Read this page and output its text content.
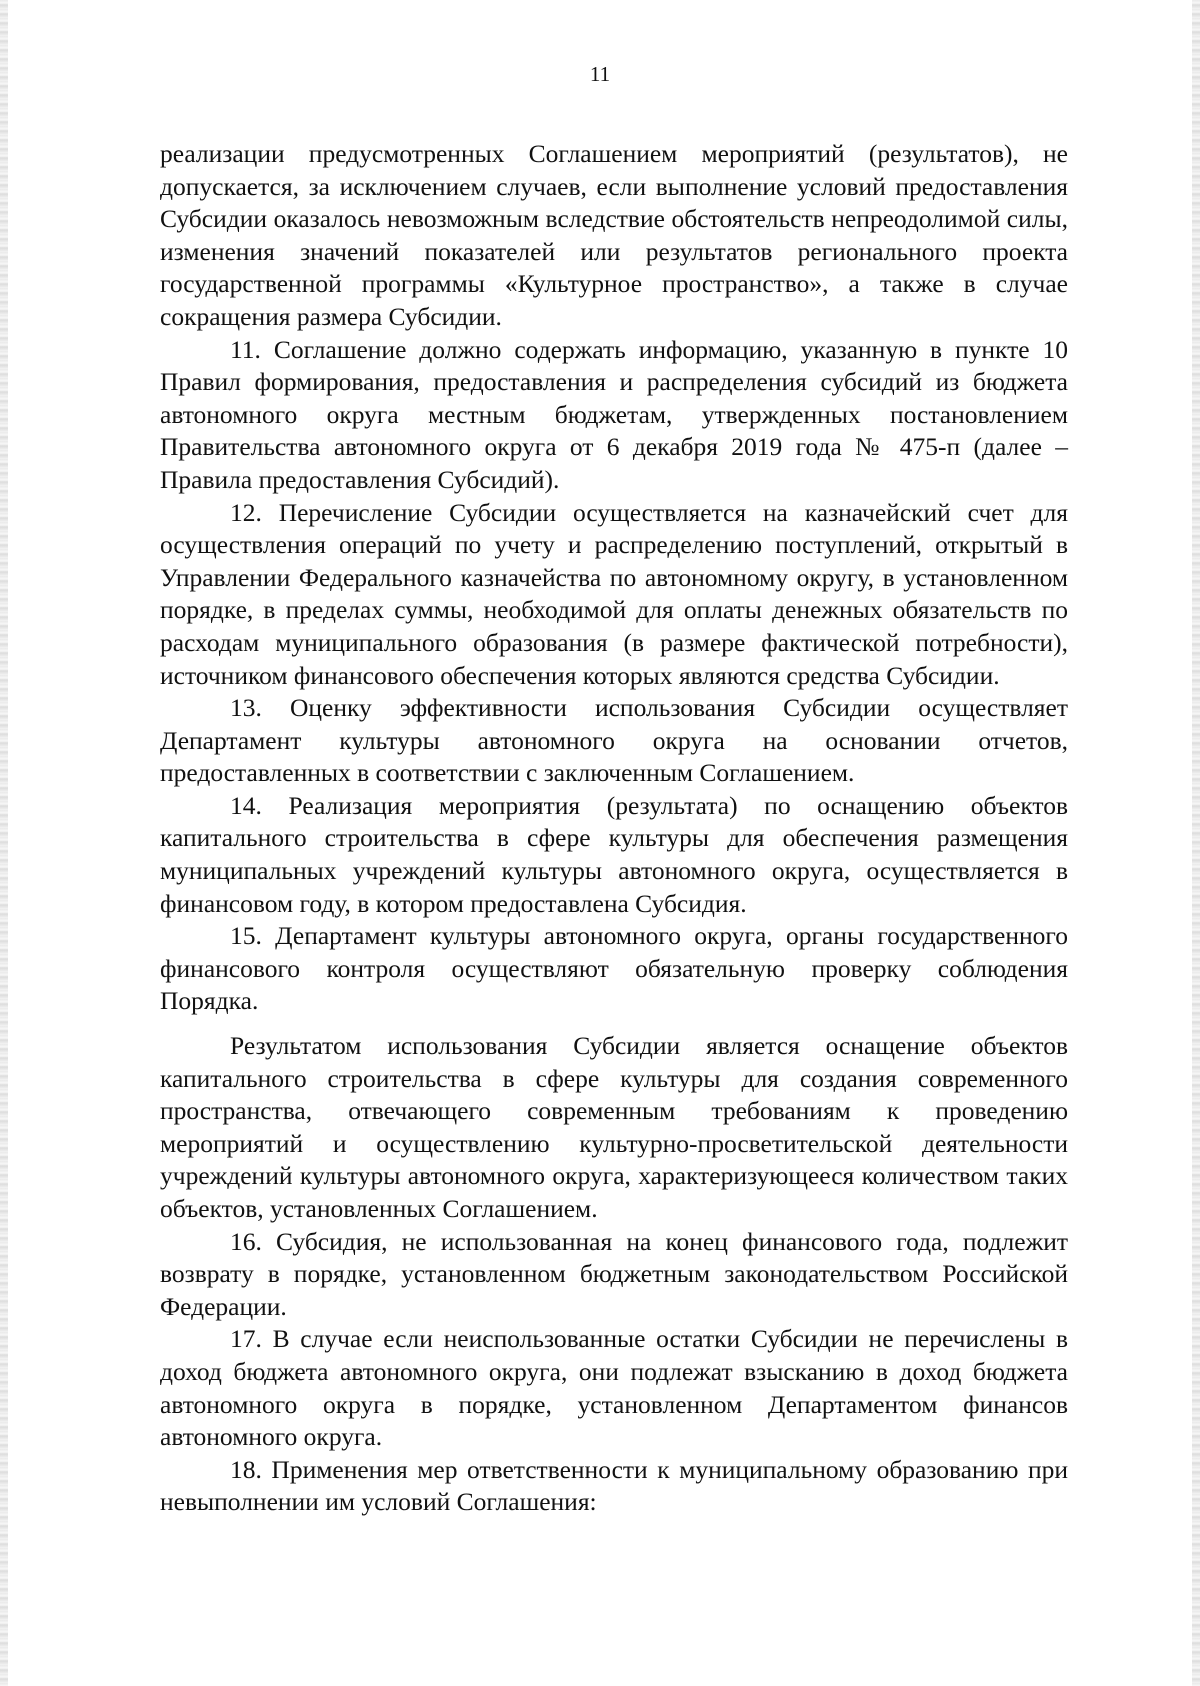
11

реализации предусмотренных Соглашением мероприятий (результатов), не допускается, за исключением случаев, если выполнение условий предоставления Субсидии оказалось невозможным вследствие обстоятельств непреодолимой силы, изменения значений показателей или результатов регионального проекта государственной программы «Культурное пространство», а также в случае сокращения размера Субсидии.

11. Соглашение должно содержать информацию, указанную в пункте 10 Правил формирования, предоставления и распределения субсидий из бюджета автономного округа местным бюджетам, утвержденных постановлением Правительства автономного округа от 6 декабря 2019 года № 475-п (далее – Правила предоставления Субсидий).

12. Перечисление Субсидии осуществляется на казначейский счет для осуществления операций по учету и распределению поступлений, открытый в Управлении Федерального казначейства по автономному округу, в установленном порядке, в пределах суммы, необходимой для оплаты денежных обязательств по расходам муниципального образования (в размере фактической потребности), источником финансового обеспечения которых являются средства Субсидии.

13. Оценку эффективности использования Субсидии осуществляет Департамент культуры автономного округа на основании отчетов, предоставленных в соответствии с заключенным Соглашением.

14. Реализация мероприятия (результата) по оснащению объектов капитального строительства в сфере культуры для обеспечения размещения муниципальных учреждений культуры автономного округа, осуществляется в финансовом году, в котором предоставлена Субсидия.

15. Департамент культуры автономного округа, органы государственного финансового контроля осуществляют обязательную проверку соблюдения Порядка.

Результатом использования Субсидии является оснащение объектов капитального строительства в сфере культуры для создания современного пространства, отвечающего современным требованиям к проведению мероприятий и осуществлению культурно-просветительской деятельности учреждений культуры автономного округа, характеризующееся количеством таких объектов, установленных Соглашением.

16. Субсидия, не использованная на конец финансового года, подлежит возврату в порядке, установленном бюджетным законодательством Российской Федерации.

17. В случае если неиспользованные остатки Субсидии не перечислены в доход бюджета автономного округа, они подлежат взысканию в доход бюджета автономного округа в порядке, установленном Департаментом финансов автономного округа.

18. Применения мер ответственности к муниципальному образованию при невыполнении им условий Соглашения:
